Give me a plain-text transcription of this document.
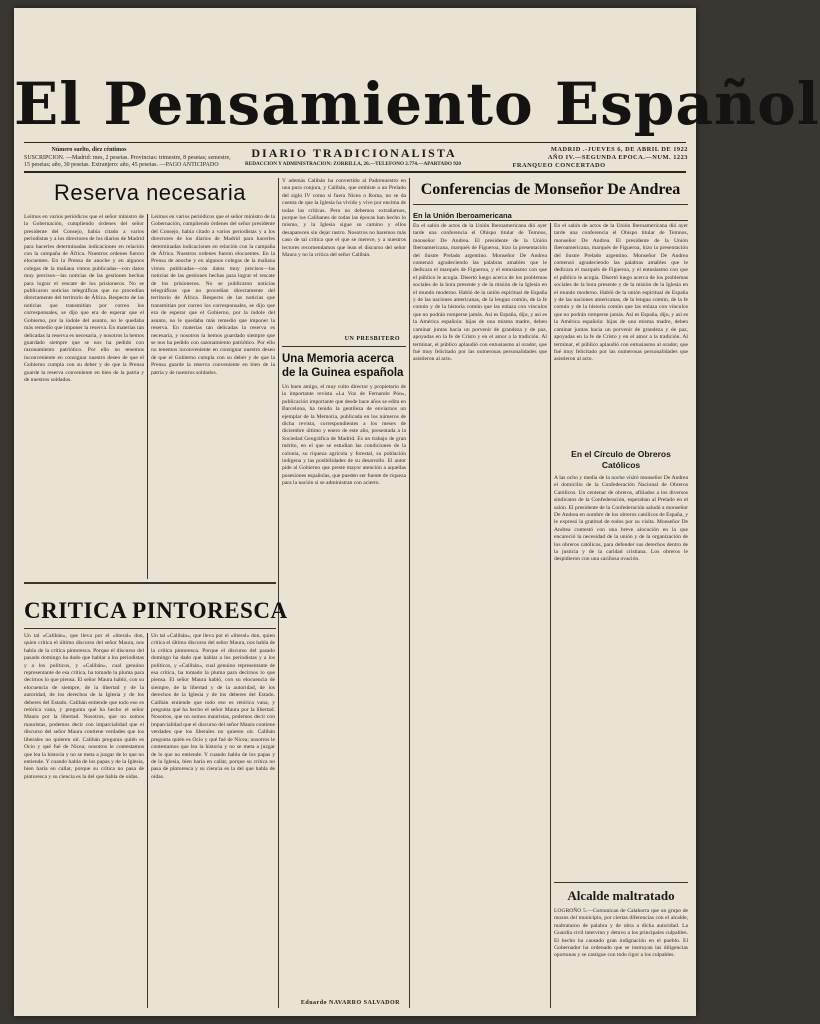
El Pensamiento Español
Número suelto, diez céntimos
SUSCRIPCION. —Madrid: mes, 2 pesetas. Provincias: trimestre, 8 pesetas; semestre, 15 pesetas; año, 30 pesetas. Extranjero: año, 45 pesetas. —PAGO ANTICIPADO
DIARIO TRADICIONALISTA
REDACCION Y ADMINISTRACION: ZORRILLA, 26.—TELEFONO 2.774.—APARTADO 920
MADRID .-JUEVES 6, DE ABRIL DE 1922
AÑO IV.—SEGUNDA EPOCA.—NUM. 1223
FRANQUEO CONCERTADO
Reserva necesaria

Leímos en varios periódicos que el señor ministro de la Gobernación, cumpliendo órdenes del señor presidente del Consejo, había citado a varios periodistas y a los directores de los diarios de Madrid para hacerles determinadas indicaciones en relación con la campaña de África. Nuestros ordenes fueron elocuentes. En la Prensa de anoche y en algunos colegas de la mañana vimos publicadas—con datos muy precisos—las noticias de las gestiones hechas para lograr el rescate de los prisioneros. No se publicaron noticias telegráficas que no procedían directamente del territorio de África. Respecto de las noticias que transmitían por correo los corresponsales, se dijo que era de esperar que el Gobierno, por la índole del asunto, no le quedaba más remedio que imponer la reserva. En materias tan delicadas la reserva es necesaria, y nosotros la hemos guardado siempre que se nos ha pedido con razonamiento patriótico. Por ello no tenemos inconveniente en consignar nuestro deseo de que el Gobierno cumpla con su deber y de que la Prensa guarde la reserva conveniente en bien de la patria y de nuestros soldados.

Leímos en varios periódicos que el señor ministro de la Gobernación, cumpliendo órdenes del señor presidente del Consejo, había citado a varios periodistas y a los directores de los diarios de Madrid para hacerles determinadas indicaciones en relación con la campaña de África. Nuestros ordenes fueron elocuentes. En la Prensa de anoche y en algunos colegas de la mañana vimos publicadas—con datos muy precisos—las noticias de las gestiones hechas para lograr el rescate de los prisioneros. No se publicaron noticias telegráficas que no procedían directamente del territorio de África. Respecto de las noticias que transmitían por correo los corresponsales, se dijo que era de esperar que el Gobierno, por la índole del asunto, no le quedaba más remedio que imponer la reserva. En materias tan delicadas la reserva es necesaria, y nosotros la hemos guardado siempre que se nos ha pedido con razonamiento patriótico. Por ello no tenemos inconveniente en consignar nuestro deseo de que el Gobierno cumpla con su deber y de que la Prensa guarde la reserva conveniente en bien de la patria y de nuestros soldados.

CRITICA PINTORESCA

Un tal «Calibán», que lleva por el «literal» don, quien critica el último discurso del señor Maura, nos habla de la crítica pintoresca. Porque el discurso del pasado domingo ha dado que hablar a los periodistas y a los políticos, y «Calibán», cual genuino representante de esa crítica, ha tomado la pluma para decirnos lo que piensa. El señor Maura habló, con su elocuencia de siempre, de la libertad y de la autoridad, de los derechos de la Iglesia y de los deberes del Estado. Calibán entiende que todo eso es retórica vana, y pregunta qué ha hecho el señor Maura por la libertad. Nosotros, que no somos mauristas, podemos decir con imparcialidad que el discurso del señor Maura contiene verdades que los liberales no quieren oír. Calibán pregunta quién es Ocio y qué fué de Nicea; nosotros le contestamos que lea la historia y no se meta a juzgar de lo que no entiende. Y cuando habla de los papas y de la Iglesia, bien haría en callar, porque su crítica no pasa de pintoresca y su ciencia es la del que habla de oídas.

Un tal «Calibán», que lleva por el «literal» don, quien critica el último discurso del señor Maura, nos habla de la crítica pintoresca. Porque el discurso del pasado domingo ha dado que hablar a los periodistas y a los políticos, y «Calibán», cual genuino representante de esa crítica, ha tomado la pluma para decirnos lo que piensa. El señor Maura habló, con su elocuencia de siempre, de la libertad y de la autoridad, de los derechos de la Iglesia y de los deberes del Estado. Calibán entiende que todo eso es retórica vana, y pregunta qué ha hecho el señor Maura por la libertad. Nosotros, que no somos mauristas, podemos decir con imparcialidad que el discurso del señor Maura contiene verdades que los liberales no quieren oír. Calibán pregunta quién es Ocio y qué fué de Nicea; nosotros le contestamos que lea la historia y no se meta a juzgar de lo que no entiende. Y cuando habla de los papas y de la Iglesia, bien haría en callar, porque su crítica no pasa de pintoresca y su ciencia es la del que habla de oídas.

Y además Calibán ha convertido al Padrenuestro en una pura conjura, y Calibán, que embiste a un Prelado del siglo IV como si fuera Nicea o Roma, no se da cuenta de que la Iglesia ha vivido y vive por encima de todas las críticas. Pero no debemos extrañarnos, porque los Calibanes de todas las épocas han hecho lo mismo, y la Iglesia sigue su camino y ellos desaparecen sin dejar rastro. Nosotros no haremos más caso de tal crítica que el que se merece, y a nuestros lectores recomendamos que lean el discurso del señor Maura y no la crítica del señor Calibán.

UN PRESBITERO
Una Memoria acerca de la Guinea española

Un buen amigo, el muy culto director y propietario de la importante revista «La Voz de Fernando Póo», publicación importante que desde hace años se edita en Barcelona, ha tenido la gentileza de enviarnos un ejemplar de la Memoria, publicada en los números de dicha revista, correspondientes a los meses de diciembre último y enero de este año, presentada a la Sociedad Geográfica de Madrid. Es un trabajo de gran mérito, en el que se estudian las condiciones de la colonia, su riqueza agrícola y forestal, su población indígena y las posibilidades de su desarrollo. El autor pide al Gobierno que preste mayor atención a aquellas posesiones españolas, que pueden ser fuente de riqueza para la nación si se administran con acierto.

Eduardo NAVARRO SALVADOR
Conferencias de Monseñor De Andrea
En la Unión Iberoamericana

En el salón de actos de la Unión Iberoamericana dió ayer tarde una conferencia el Obispo titular de Temnos, monseñor De Andrea. El presidente de la Unión Iberoamericana, marqués de Figueroa, hizo la presentación del ilustre Prelado argentino. Monseñor De Andrea comenzó agradeciendo las palabras amables que le dedicara el marqués de Figueroa, y el entusiasmo con que el público le acogía. Disertó luego acerca de los problemas sociales de la hora presente y de la misión de la Iglesia en el mundo moderno. Habló de la unión espiritual de España y de las naciones americanas, de la lengua común, de la fe común y de la historia común que las enlaza con vínculos que no podrán romperse jamás. Así es España, dijo, y así es la América española: hijas de una misma madre, deben caminar juntas hacia un porvenir de grandeza y de paz, apoyadas en la fe de Cristo y en el amor a la tradición. Al terminar, el público aplaudió con entusiasmo al orador, que fué muy felicitado por las numerosas personalidades que asistieron al acto.

En el salón de actos de la Unión Iberoamericana dió ayer tarde una conferencia el Obispo titular de Temnos, monseñor De Andrea. El presidente de la Unión Iberoamericana, marqués de Figueroa, hizo la presentación del ilustre Prelado argentino. Monseñor De Andrea comenzó agradeciendo las palabras amables que le dedicara el marqués de Figueroa, y el entusiasmo con que el público le acogía. Disertó luego acerca de los problemas sociales de la hora presente y de la misión de la Iglesia en el mundo moderno. Habló de la unión espiritual de España y de las naciones americanas, de la lengua común, de la fe común y de la historia común que las enlaza con vínculos que no podrán romperse jamás. Así es España, dijo, y así es la América española: hijas de una misma madre, deben caminar juntas hacia un porvenir de grandeza y de paz, apoyadas en la fe de Cristo y en el amor a la tradición. Al terminar, el público aplaudió con entusiasmo al orador, que fué muy felicitado por las numerosas personalidades que asistieron al acto.

En el Círculo de Obreros Católicos

A las ocho y media de la noche visitó monseñor De Andrea el domicilio de la Confederación Nacional de Obreros Católicos. Un centenar de obreros, afiliados a los diversos sindicatos de la Confederación, esperaban al Prelado en el salón. El presidente de la Confederación saludó a monseñor De Andrea en nombre de los obreros católicos de España, y le expresó la gratitud de todos por su visita. Monseñor De Andrea contestó con una breve alocución en la que encareció la necesidad de la unión y de la organización de los obreros católicos, para defender sus derechos dentro de la justicia y de la caridad cristiana. Los obreros le despidieron con una cariñosa ovación.

Alcalde maltratado

LOGROÑO 5.—Comunican de Calahorra que un grupo de mozos del municipio, por ciertas diferencias con el alcalde, maltrataron de palabra y de obra a dicha autoridad. La Guardia civil intervino y detuvo a los principales culpables. El hecho ha causado gran indignación en el pueblo. El Gobernador ha ordenado que se instruyan las diligencias oportunas y se castigue con todo rigor a los culpables.
